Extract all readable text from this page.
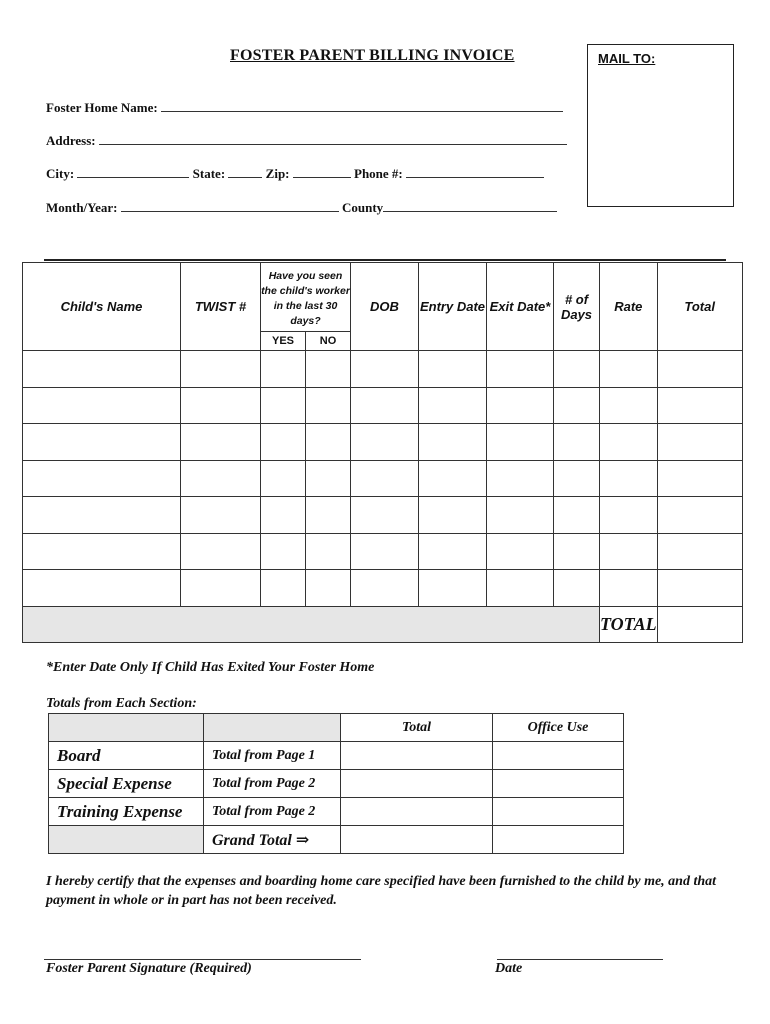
FOSTER PARENT BILLING INVOICE	MAIL TO:
Foster Home Name:
Address:
City:	State:	Zip:	Phone #:
Month/Year:	County
Child's Name	TWIST #	Have you seen the child's worker in the last 30 days?		DOB	Entry Date	Exit Date*	# of Days	Rate	Total
		YES	NO						

								TOTAL	
*Enter Date Only If Child Has Exited Your Foster Home
Totals from Each Section:
		Total	Office Use
Board	Total from Page 1		
Special Expense	Total from Page 2		
Training Expense	Total from Page 2		
	Grand Total ⇒		
I hereby certify that the expenses and boarding home care specified have been furnished to the child by me, and that payment in whole or in part has not been received.
Foster Parent Signature (Required)	Date
